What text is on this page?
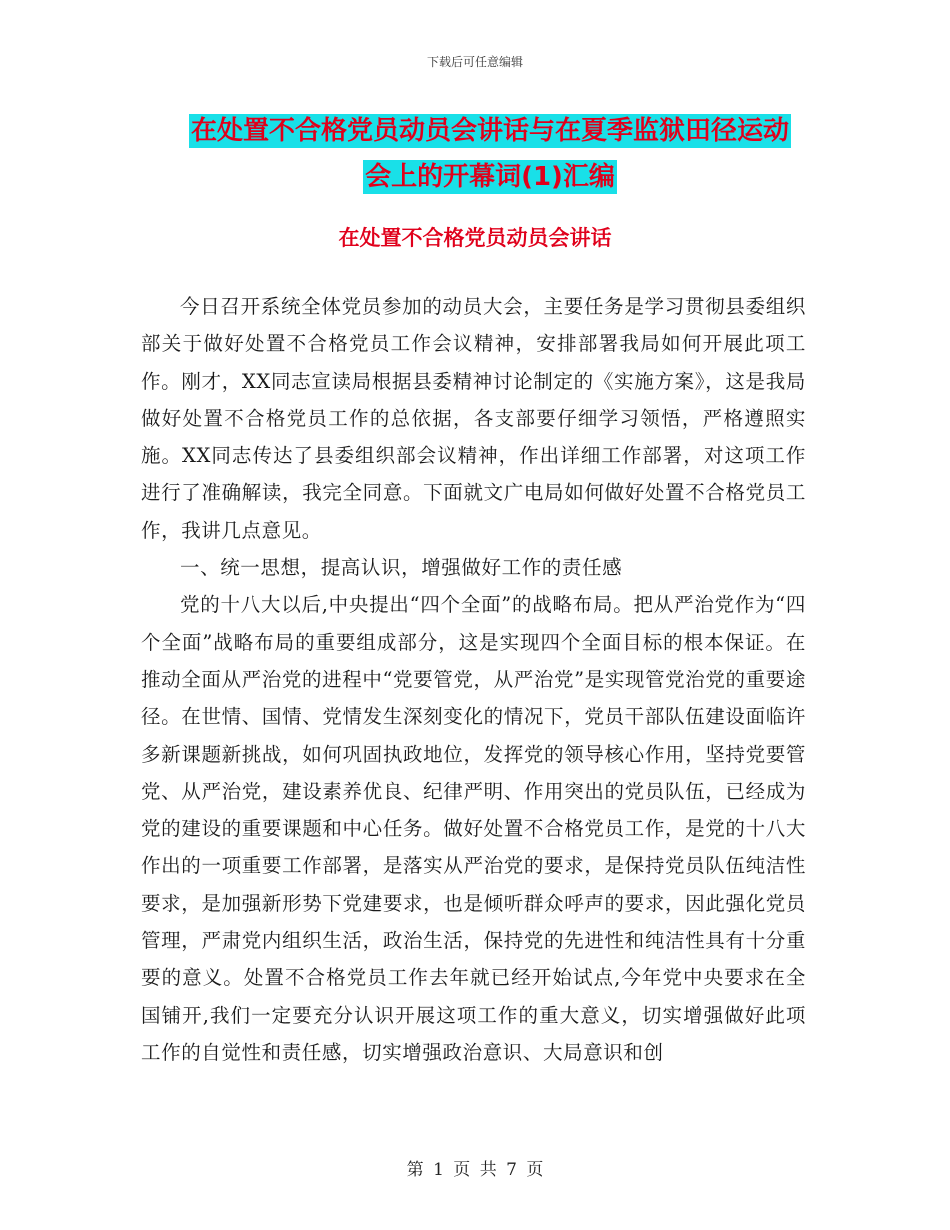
下载后可任意编辑
在处置不合格党员动员会讲话与在夏季监狱田径运动
会上的开幕词(1)汇编
在处置不合格党员动员会讲话

今日召开系统全体党员参加的动员大会，主要任务是学习贯彻县委组织部关于做好处置不合格党员工作会议精神，安排部署我局如何开展此项工作。刚才，XX同志宣读局根据县委精神讨论制定的《实施方案》，这是我局做好处置不合格党员工作的总依据，各支部要仔细学习领悟，严格遵照实施。XX同志传达了县委组织部会议精神，作出详细工作部署，对这项工作进行了准确解读，我完全同意。下面就文广电局如何做好处置不合格党员工作，我讲几点意见。

一、统一思想，提高认识，增强做好工作的责任感

党的十八大以后,中央提出“四个全面”的战略布局。把从严治党作为“四个全面”战略布局的重要组成部分，这是实现四个全面目标的根本保证。在推动全面从严治党的进程中“党要管党，从严治党”是实现管党治党的重要途径。在世情、国情、党情发生深刻变化的情况下，党员干部队伍建设面临许多新课题新挑战，如何巩固执政地位，发挥党的领导核心作用，坚持党要管党、从严治党，建设素养优良、纪律严明、作用突出的党员队伍，已经成为党的建设的重要课题和中心任务。做好处置不合格党员工作，是党的十八大作出的一项重要工作部署，是落实从严治党的要求，是保持党员队伍纯洁性要求，是加强新形势下党建要求，也是倾听群众呼声的要求，因此强化党员管理，严肃党内组织生活，政治生活，保持党的先进性和纯洁性具有十分重要的意义。处置不合格党员工作去年就已经开始试点,今年党中央要求在全国铺开,我们一定要充分认识开展这项工作的重大意义，切实增强做好此项工作的自觉性和责任感，切实增强政治意识、大局意识和创

第 1 页 共 7 页
